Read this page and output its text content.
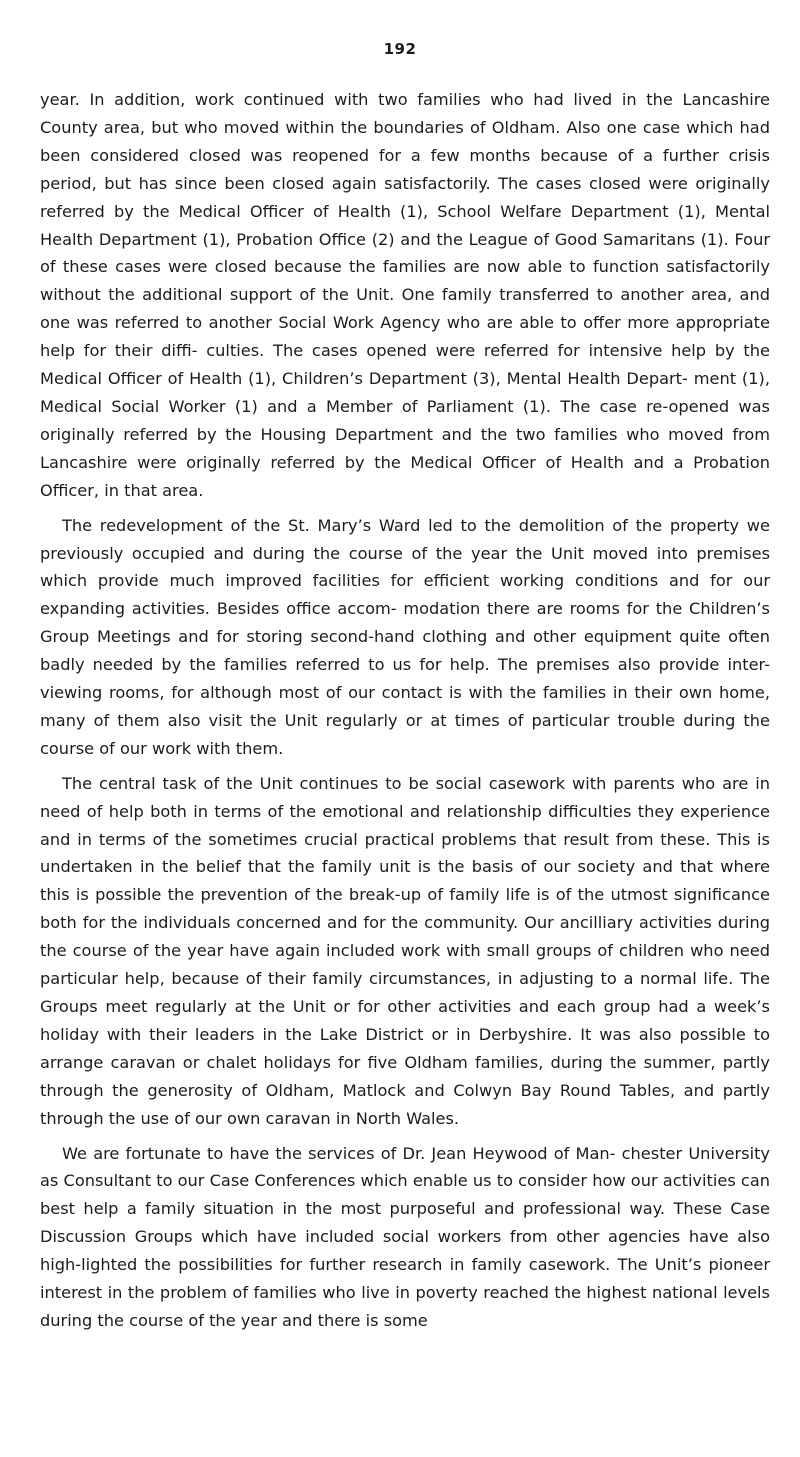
192

year. In addition, work continued with two families who had lived in the Lancashire County area, but who moved within the boundaries of Oldham. Also one case which had been considered closed was reopened for a few months because of a further crisis period, but has since been closed again satisfactorily. The cases closed were originally referred by the Medical Officer of Health (1), School Welfare Department (1), Mental Health Department (1), Probation Office (2) and the League of Good Samaritans (1). Four of these cases were closed because the families are now able to function satisfactorily without the additional support of the Unit. One family transferred to another area, and one was referred to another Social Work Agency who are able to offer more appropriate help for their diffi- culties. The cases opened were referred for intensive help by the Medical Officer of Health (1), Children’s Department (3), Mental Health Depart- ment (1), Medical Social Worker (1) and a Member of Parliament (1). The case re-opened was originally referred by the Housing Department and the two families who moved from Lancashire were originally referred by the Medical Officer of Health and a Probation Officer, in that area.

The redevelopment of the St. Mary’s Ward led to the demolition of the property we previously occupied and during the course of the year the Unit moved into premises which provide much improved facilities for efficient working conditions and for our expanding activities. Besides office accom- modation there are rooms for the Children’s Group Meetings and for storing second-hand clothing and other equipment quite often badly needed by the families referred to us for help. The premises also provide inter- viewing rooms, for although most of our contact is with the families in their own home, many of them also visit the Unit regularly or at times of particular trouble during the course of our work with them.

The central task of the Unit continues to be social casework with parents who are in need of help both in terms of the emotional and relationship difficulties they experience and in terms of the sometimes crucial practical problems that result from these. This is undertaken in the belief that the family unit is the basis of our society and that where this is possible the prevention of the break-up of family life is of the utmost significance both for the individuals concerned and for the community. Our ancilliary activities during the course of the year have again included work with small groups of children who need particular help, because of their family circumstances, in adjusting to a normal life. The Groups meet regularly at the Unit or for other activities and each group had a week’s holiday with their leaders in the Lake District or in Derbyshire. It was also possible to arrange caravan or chalet holidays for five Oldham families, during the summer, partly through the generosity of Oldham, Matlock and Colwyn Bay Round Tables, and partly through the use of our own caravan in North Wales.

We are fortunate to have the services of Dr. Jean Heywood of Man- chester University as Consultant to our Case Conferences which enable us to consider how our activities can best help a family situation in the most purposeful and professional way. These Case Discussion Groups which have included social workers from other agencies have also high-lighted the possibilities for further research in family casework. The Unit’s pioneer interest in the problem of families who live in poverty reached the highest national levels during the course of the year and there is some
